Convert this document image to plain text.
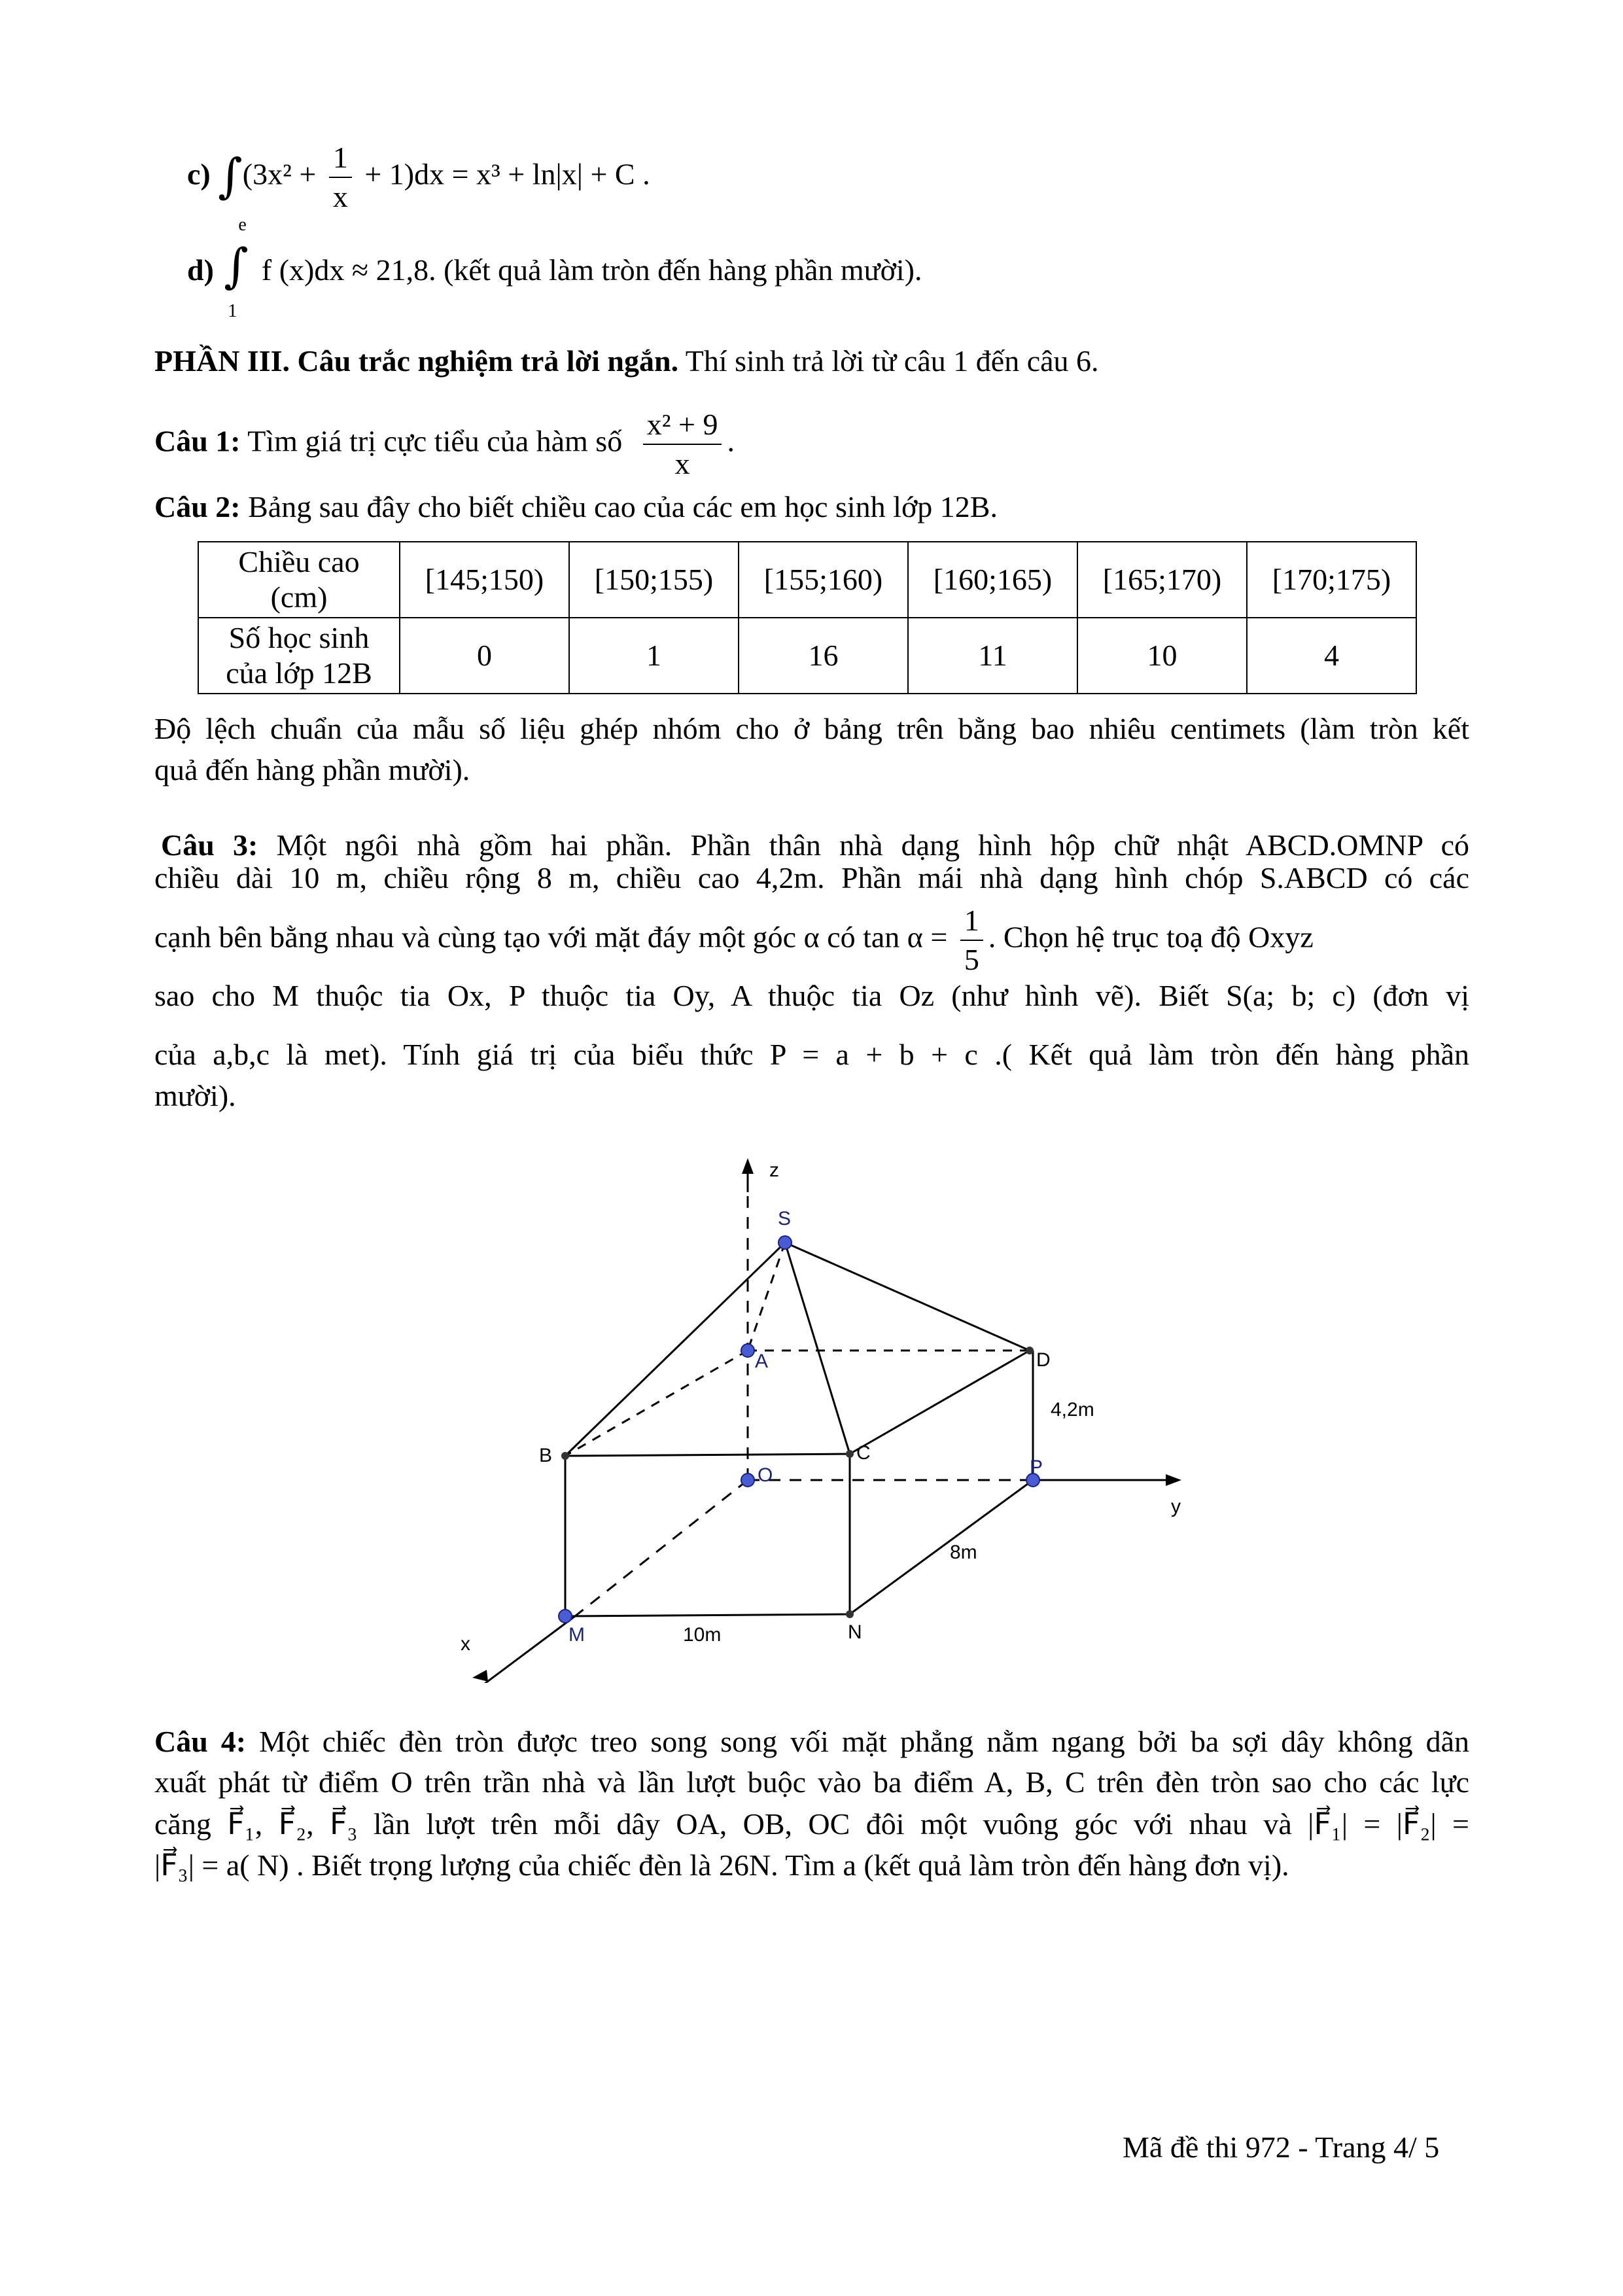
c) $\int(3x^2 + \frac{1}{x} + 1)dx = x^3 + \ln|x| + C$ .
d) ∫
e
1
f (x)dx ≈ 21,8. (kết quả làm tròn đến hàng phần mười).
PHẦN III. Câu trắc nghiệm trả lời ngắn. Thí sinh trả lời từ câu 1 đến câu 6.
Câu 1: Tìm giá trị cực tiểu của hàm số $\frac{\text{x² + 9}}{x}$ .
Câu 2: Bảng sau đây cho biết chiều cao của các em học sinh lớp 12B.
Chiều cao
(cm)	[145;150)	[150;155)	[155;160)	[160;165)	[165;170)	[170;175)

Số học sinh
của lớp 12B	0	1	16	11	10	4
Độ lệch chuẩn của mẫu số liệu ghép nhóm cho ở bảng trên bằng bao nhiêu centimets (làm tròn kết
quả đến hàng phần mười).
Câu 3: Một ngôi nhà gồm hai phần. Phần thân nhà dạng hình hộp chữ nhật ABCD.OMNP có
chiều dài 10 m, chiều rộng 8 m, chiều cao 4,2m. Phần mái nhà dạng hình chóp S.ABCD có các
cạnh bên bằng nhau và cùng tạo với mặt đáy một góc α có $\tan \alpha = \frac{1}{5}$ . Chọn hệ trục toạ độ Oxyz
sao cho M thuộc tia Ox, P thuộc tia Oy, A thuộc tia Oz (như hình vẽ). Biết S(a; b; c) (đơn vị
của a,b,c là met). Tính giá trị của biểu thức P = a + b + c .( Kết quả làm tròn đến hàng phần
mười).
z
y
x
S
A	D
B	C
O	P
M	N
4,2m
8m
10m
Câu 4: Một chiếc đèn tròn được treo song song vối mặt phẳng nằm ngang bởi ba sợi dây không dãn
xuất phát từ điểm O trên trần nhà và lần lượt buộc vào ba điểm A, B, C trên đèn tròn sao cho các lực
căng F⃗₁, F⃗₂, F⃗₃ lần lượt trên mỗi dây OA, OB, OC đôi một vuông góc với nhau và |F⃗₁| = |F⃗₂| =
|F⃗₃| = a( N) . Biết trọng lượng của chiếc đèn là 26N. Tìm a (kết quả làm tròn đến hàng đơn vị).
Mã đề thi 972 - Trang 4/ 5
